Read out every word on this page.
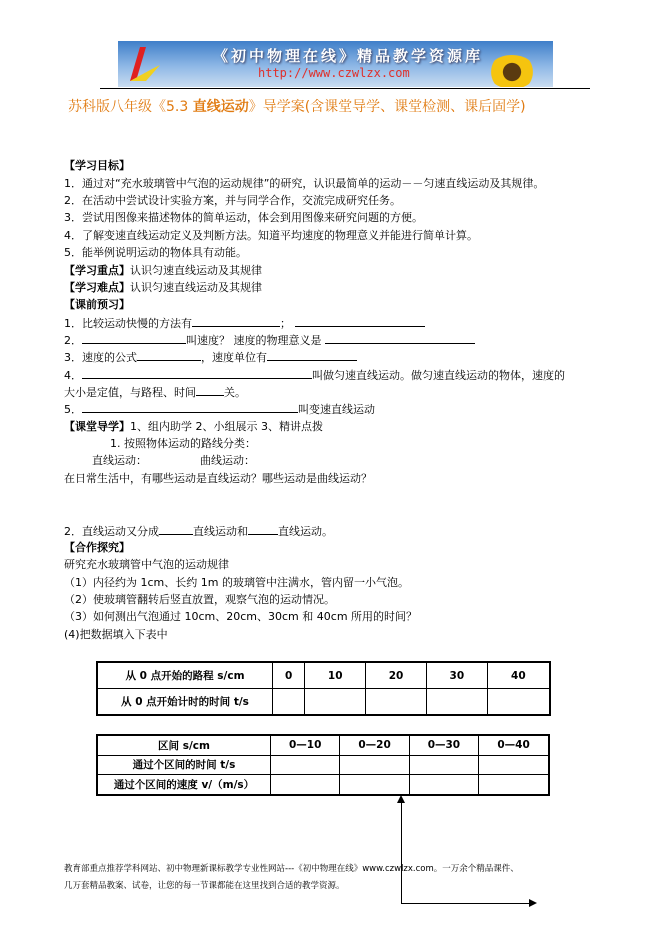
《初中物理在线》精品教学资源库
http://www.czwlzx.com
苏科版八年级《5.3 直线运动》导学案(含课堂导学、课堂检测、课后固学)
【学习目标】
1．通过对“充水玻璃管中气泡的运动规律”的研究，认识最简单的运动－－匀速直线运动及其规律。
2．在活动中尝试设计实验方案，并与同学合作，交流完成研究任务。
3．尝试用图像来描述物体的简单运动，体会到用图像来研究问题的方便。
4．了解变速直线运动定义及判断方法。知道平均速度的物理意义并能进行简单计算。
5．能举例说明运动的物体具有动能。
【学习重点】认识匀速直线运动及其规律
【学习难点】认识匀速直线运动及其规律
【课前预习】
1．比较运动快慢的方法有	；
2．	叫速度？ 速度的物理意义是
3．速度的公式	，速度单位有
4．	叫做匀速直线运动。做匀速直线运动的物体，速度的
大小是定值，与路程、时间	关。
5．	叫变速直线运动
【课堂导学】1、组内助学 2、小组展示 3、精讲点拨
1. 按照物体运动的路线分类：
直线运动：	曲线运动：
在日常生活中，有哪些运动是直线运动？哪些运动是曲线运动？
2．直线运动又分成	直线运动和	直线运动。
【合作探究】
研究充水玻璃管中气泡的运动规律
（1）内径约为 1cm、长约 1m 的玻璃管中注满水，管内留一小气泡。
（2）使玻璃管翻转后竖直放置，观察气泡的运动情况。
（3）如何测出气泡通过 10cm、20cm、30cm 和 40cm 所用的时间？
(4)把数据填入下表中
从 0 点开始的路程 s/cm	0	10	20	30	40
从 0 点开始计时的时间 t/s					
区间 s/cm	0—10	0—20	0—30	0—40
通过个区间的时间 t/s				
通过个区间的速度 v/（m/s）				
教育部重点推荐学科网站、初中物理新课标教学专业性网站---《初中物理在线》www.czwlzx.com。一万余个精品课件、
几万套精品教案、试卷，让您的每一节课都能在这里找到合适的教学资源。
